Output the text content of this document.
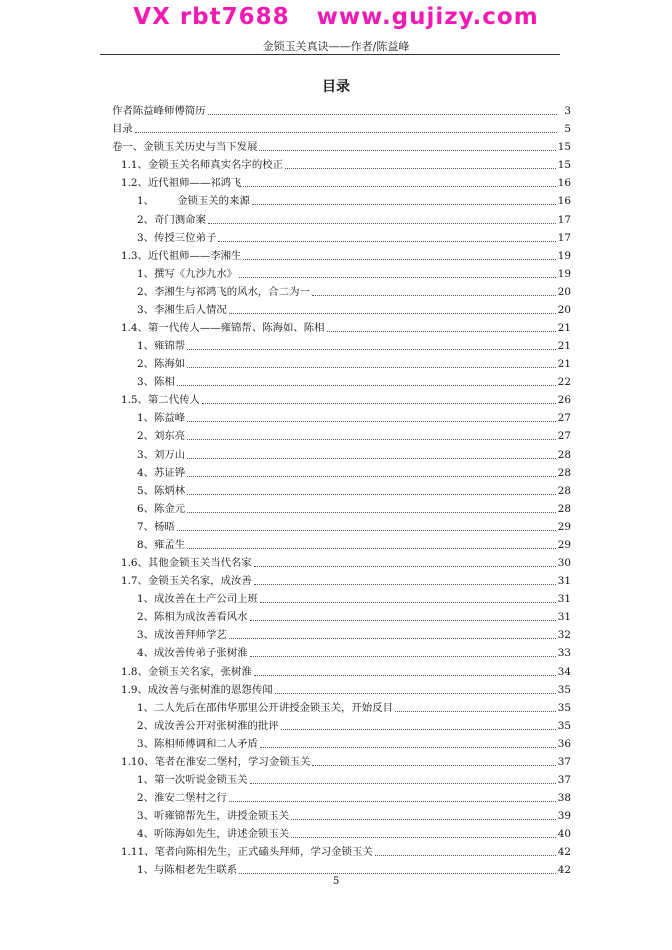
VX rbt7688   www.gujizy.com
金锁玉关真诀——作者/陈益峰
目录
作者陈益峰师傅简历	3
目录	5
卷一、金锁玉关历史与当下发展	15
1.1、金锁玉关名师真实名字的校正	15
1.2、近代祖师——祁鸿飞	16
1、       金锁玉关的来源	16
2、奇门测命案	17
3、传授三位弟子	17
1.3、近代祖师——李湘生	19
1、撰写《九沙九水》	19
2、李湘生与祁鸿飞的风水，合二为一	20
3、李湘生后人情况	20
1.4、第一代传人——雍锦帮、陈海如、陈相	21
1、雍锦帮	21
2、陈海如	21
3、陈相	22
1.5、第二代传人	26
1、陈益峰	27
2、刘东亮	27
3、刘万山	28
4、苏证铧	28
5、陈炳林	28
6、陈金元	28
7、杨晤	29
8、雍孟生	29
1.6、其他金锁玉关当代名家	30
1.7、金锁玉关名家，成汝善	31
1、成汝善在土产公司上班	31
2、陈相为成汝善看风水	31
3、成汝善拜师学艺	32
4、成汝善传弟子张树淮	33
1.8、金锁玉关名家，张树淮	34
1.9、成汝善与张树淮的恩怨传闻	35
1、二人先后在邵伟华那里公开讲授金锁玉关，开始反目	35
2、成汝善公开对张树淮的批评	35
3、陈相师傅调和二人矛盾	36
1.10、笔者在淮安二堡村，学习金锁玉关	37
1、第一次听说金锁玉关	37
2、淮安二堡村之行	38
3、听雍锦帮先生，讲授金锁玉关	39
4、听陈海如先生，讲述金锁玉关	40
1.11、笔者向陈相先生，正式磕头拜师，学习金锁玉关	42
1、与陈相老先生联系	42
5
